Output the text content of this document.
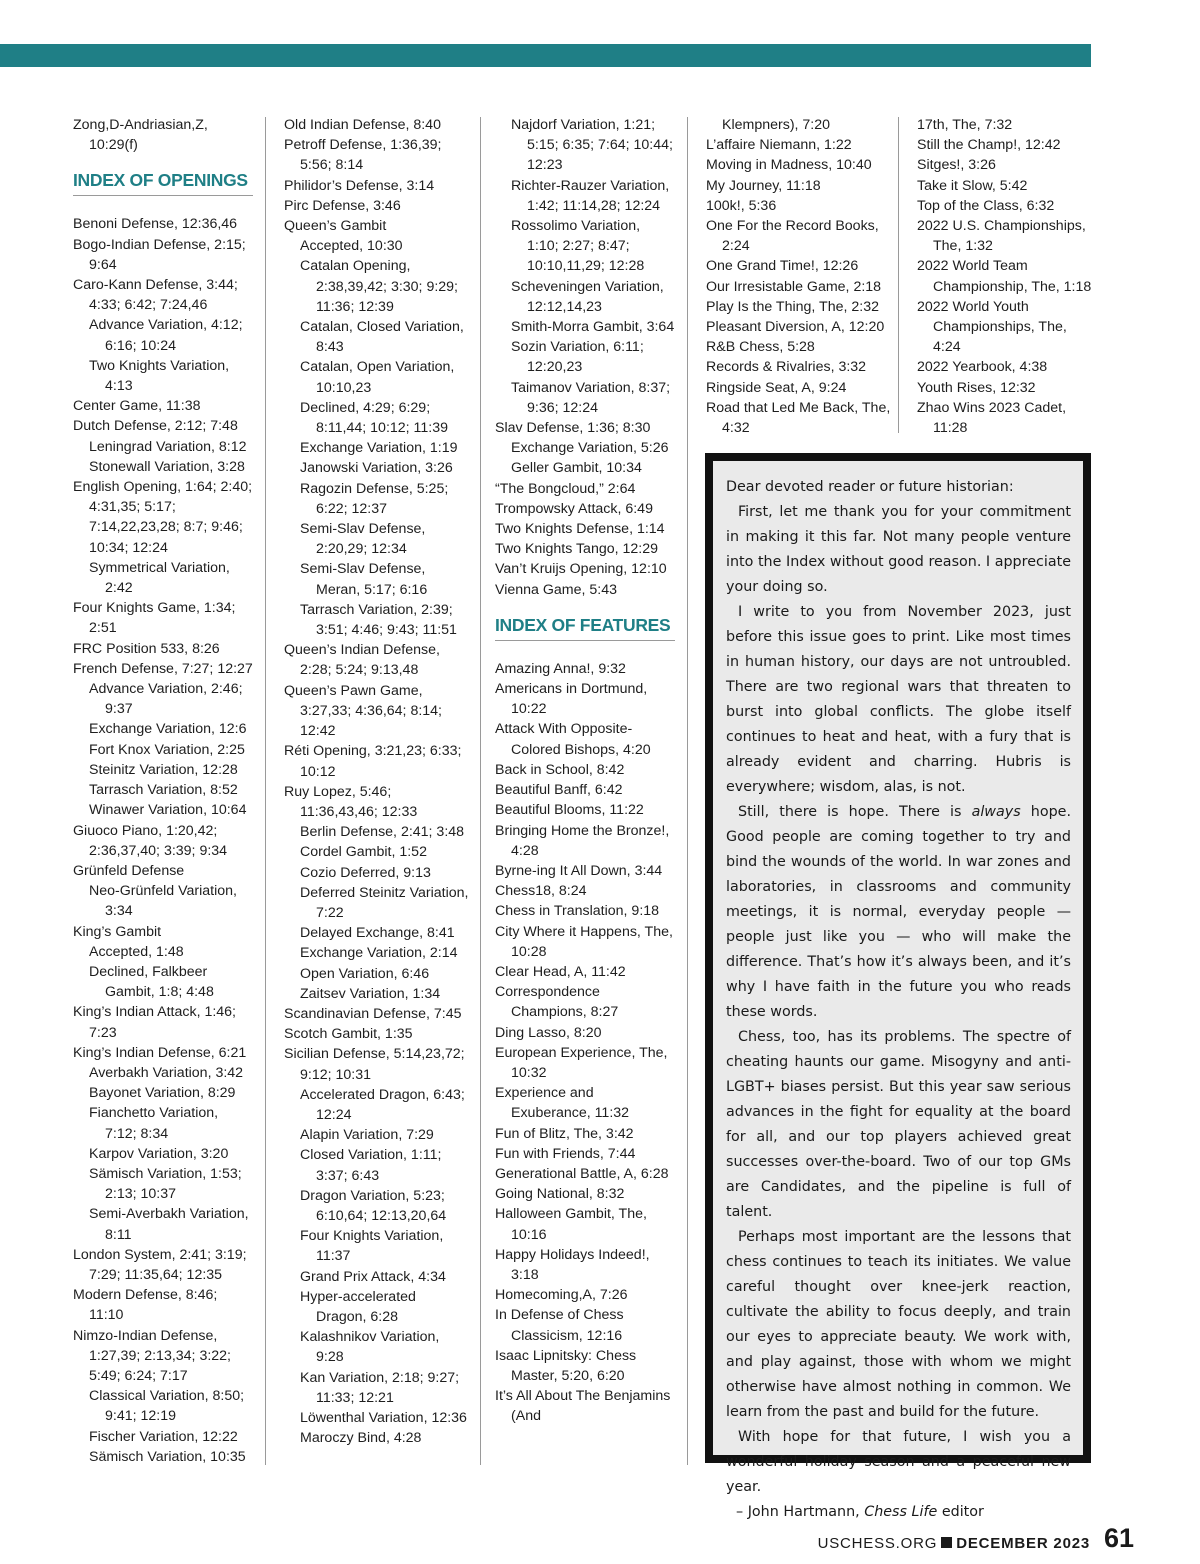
Zong,D-Andriasian,Z, 10:29(f)
INDEX OF OPENINGS
Benoni Defense, 12:36,46
Bogo-Indian Defense, 2:15; 9:64
Caro-Kann Defense, 3:44; 4:33; 6:42; 7:24,46
Advance Variation, 4:12; 6:16; 10:24
Two Knights Variation, 4:13
Center Game, 11:38
Dutch Defense, 2:12; 7:48
Leningrad Variation, 8:12
Stonewall Variation, 3:28
English Opening, 1:64; 2:40; 4:31,35; 5:17; 7:14,22,23,28; 8:7; 9:46; 10:34; 12:24
Symmetrical Variation, 2:42
Four Knights Game, 1:34; 2:51
FRC Position 533, 8:26
French Defense, 7:27; 12:27
Advance Variation, 2:46; 9:37
Exchange Variation, 12:6
Fort Knox Variation, 2:25
Steinitz Variation, 12:28
Tarrasch Variation, 8:52
Winawer Variation, 10:64
Giuoco Piano, 1:20,42; 2:36,37,40; 3:39; 9:34
Grünfeld Defense
Neo-Grünfeld Variation, 3:34
King’s Gambit
Accepted, 1:48
Declined, Falkbeer Gambit, 1:8; 4:48
King’s Indian Attack, 1:46; 7:23
King’s Indian Defense, 6:21
Averbakh Variation, 3:42
Bayonet Variation, 8:29
Fianchetto Variation, 7:12; 8:34
Karpov Variation, 3:20
Sämisch Variation, 1:53; 2:13; 10:37
Semi-Averbakh Variation, 8:11
London System, 2:41; 3:19; 7:29; 11:35,64; 12:35
Modern Defense, 8:46; 11:10
Nimzo-Indian Defense, 1:27,39; 2:13,34; 3:22; 5:49; 6:24; 7:17
Classical Variation, 8:50; 9:41; 12:19
Fischer Variation, 12:22
Sämisch Variation, 10:35
Old Indian Defense, 8:40
Petroff Defense, 1:36,39; 5:56; 8:14
Philidor’s Defense, 3:14
Pirc Defense, 3:46
Queen’s Gambit
Accepted, 10:30
Catalan Opening, 2:38,39,42; 3:30; 9:29; 11:36; 12:39
Catalan, Closed Variation, 8:43
Catalan, Open Variation, 10:10,23
Declined, 4:29; 6:29; 8:11,44; 10:12; 11:39
Exchange Variation, 1:19
Janowski Variation, 3:26
Ragozin Defense, 5:25; 6:22; 12:37
Semi-Slav Defense, 2:20,29; 12:34
Semi-Slav Defense, Meran, 5:17; 6:16
Tarrasch Variation, 2:39; 3:51; 4:46; 9:43; 11:51
Queen’s Indian Defense, 2:28; 5:24; 9:13,48
Queen’s Pawn Game, 3:27,33; 4:36,64; 8:14; 12:42
Réti Opening, 3:21,23; 6:33; 10:12
Ruy Lopez, 5:46; 11:36,43,46; 12:33
Berlin Defense, 2:41; 3:48
Cordel Gambit, 1:52
Cozio Deferred, 9:13
Deferred Steinitz Variation, 7:22
Delayed Exchange, 8:41
Exchange Variation, 2:14
Open Variation, 6:46
Zaitsev Variation, 1:34
Scandinavian Defense, 7:45
Scotch Gambit, 1:35
Sicilian Defense, 5:14,23,72; 9:12; 10:31
Accelerated Dragon, 6:43; 12:24
Alapin Variation, 7:29
Closed Variation, 1:11; 3:37; 6:43
Dragon Variation, 5:23; 6:10,64; 12:13,20,64
Four Knights Variation, 11:37
Grand Prix Attack, 4:34
Hyper-accelerated Dragon, 6:28
Kalashnikov Variation, 9:28
Kan Variation, 2:18; 9:27; 11:33; 12:21
Löwenthal Variation, 12:36
Maroczy Bind, 4:28
Najdorf Variation, 1:21; 5:15; 6:35; 7:64; 10:44; 12:23
Richter-Rauzer Variation, 1:42; 11:14,28; 12:24
Rossolimo Variation, 1:10; 2:27; 8:47; 10:10,11,29; 12:28
Scheveningen Variation, 12:12,14,23
Smith-Morra Gambit, 3:64
Sozin Variation, 6:11; 12:20,23
Taimanov Variation, 8:37; 9:36; 12:24
Slav Defense, 1:36; 8:30
Exchange Variation, 5:26
Geller Gambit, 10:34
“The Bongcloud,” 2:64
Trompowsky Attack, 6:49
Two Knights Defense, 1:14
Two Knights Tango, 12:29
Van’t Kruijs Opening, 12:10
Vienna Game, 5:43
INDEX OF FEATURES
Amazing Anna!, 9:32
Americans in Dortmund, 10:22
Attack With Opposite-Colored Bishops, 4:20
Back in School, 8:42
Beautiful Banff, 6:42
Beautiful Blooms, 11:22
Bringing Home the Bronze!, 4:28
Byrne-ing It All Down, 3:44
Chess18, 8:24
Chess in Translation, 9:18
City Where it Happens, The, 10:28
Clear Head, A, 11:42
Correspondence Champions, 8:27
Ding Lasso, 8:20
European Experience, The, 10:32
Experience and Exuberance, 11:32
Fun of Blitz, The, 3:42
Fun with Friends, 7:44
Generational Battle, A, 6:28
Going National, 8:32
Halloween Gambit, The, 10:16
Happy Holidays Indeed!, 3:18
Homecoming,A, 7:26
In Defense of Chess Classicism, 12:16
Isaac Lipnitsky: Chess Master, 5:20, 6:20
It’s All About The Benjamins (And
Klempners), 7:20
L’affaire Niemann, 1:22
Moving in Madness, 10:40
My Journey, 11:18
100k!, 5:36
One For the Record Books, 2:24
One Grand Time!, 12:26
Our Irresistable Game, 2:18
Play Is the Thing, The, 2:32
Pleasant Diversion, A, 12:20
R&B Chess, 5:28
Records & Rivalries, 3:32
Ringside Seat, A, 9:24
Road that Led Me Back, The, 4:32
17th, The, 7:32
Still the Champ!, 12:42
Sitges!, 3:26
Take it Slow, 5:42
Top of the Class, 6:32
2022 U.S. Championships, The, 1:32
2022 World Team Championship, The, 1:18
2022 World Youth Championships, The, 4:24
2022 Yearbook, 4:38
Youth Rises, 12:32
Zhao Wins 2023 Cadet, 11:28

Dear devoted reader or future historian:

First, let me thank you for your commitment in making it this far. Not many people venture into the Index without good reason. I appreciate your doing so.

I write to you from November 2023, just before this issue goes to print. Like most times in human history, our days are not untroubled. There are two regional wars that threaten to burst into global conflicts. The globe itself continues to heat and heat, with a fury that is already evident and charring. Hubris is everywhere; wisdom, alas, is not.

Still, there is hope. There is always hope. Good people are coming together to try and bind the wounds of the world. In war zones and laboratories, in classrooms and community meetings, it is normal, everyday people — people just like you — who will make the difference. That’s how it’s always been, and it’s why I have faith in the future you who reads these words.

Chess, too, has its problems. The spectre of cheating haunts our game. Misogyny and anti-LGBT+ biases persist. But this year saw serious advances in the fight for equality at the board for all, and our top players achieved great successes over-the-board. Two of our top GMs are Candidates, and the pipeline is full of talent.

Perhaps most important are the lessons that chess continues to teach its initiates. We value careful thought over knee-jerk reaction, cultivate the ability to focus deeply, and train our eyes to appreciate beauty. We work with, and play against, those with whom we might otherwise have almost nothing in common. We learn from the past and build for the future.

With hope for that future, I wish you a wonderful holiday season and a peaceful new year.

– John Hartmann, Chess Life editor

USCHESS.ORG DECEMBER 2023 61
